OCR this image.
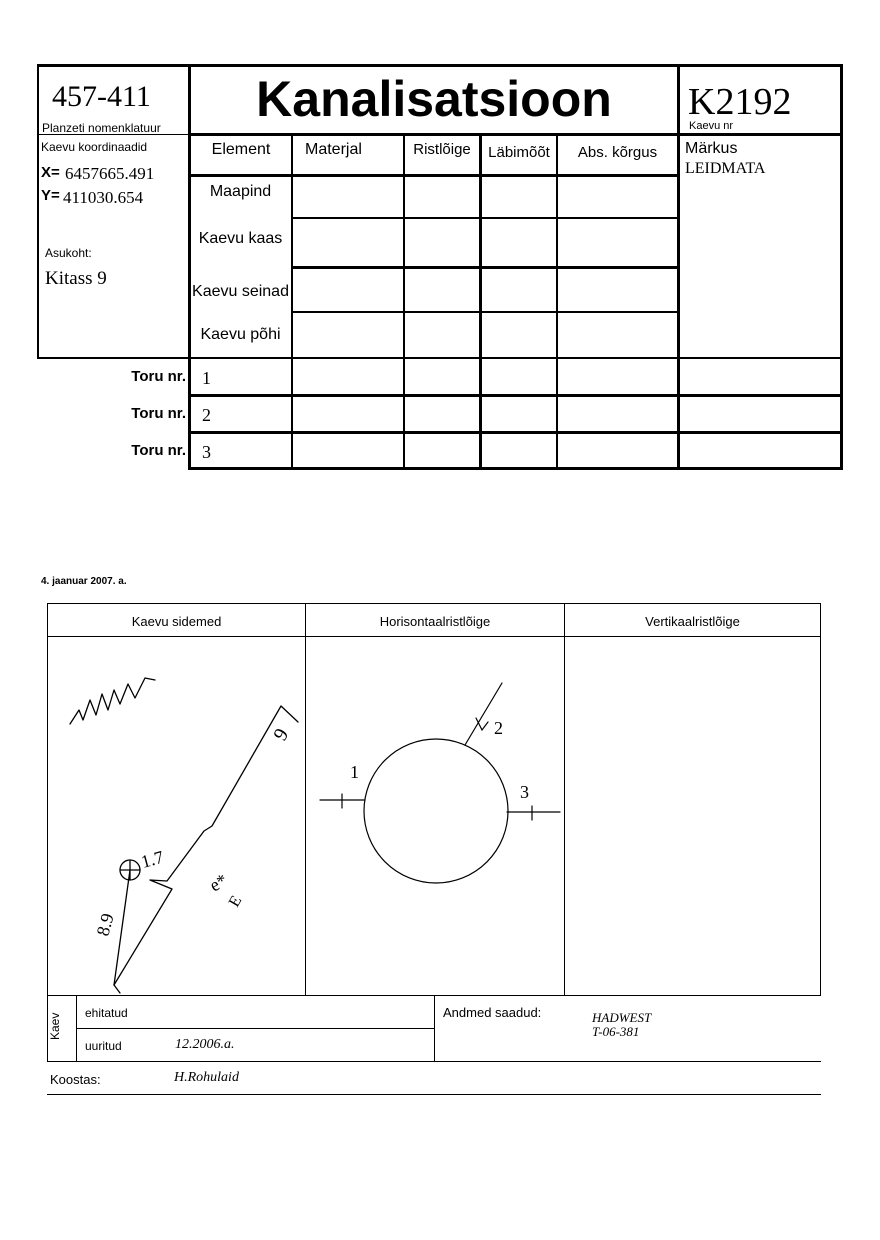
457-411
Planzeti nomenklatuur
Kanalisatsioon	K2192
Kaevu nr
Kaevu koordinaadid
X= 6457665.491
Y= 411030.654
Asukoht:
Kitass 9
Element	Materjal	Ristlõige	Läbimõõt	Abs. kõrgus	Märkus
LEIDMATA
Maapind
Kaevu kaas
Kaevu seinad
Kaevu põhi
Toru nr. 1
Toru nr. 2
Toru nr. 3
4. jaanuar 2007. a.
Kaevu sidemed	Horisontaalristlõige	Vertikaalristlõige
9
1.7
8.9
e*
E
1
2
3
Kaev ehitatud
uuritud	12.2006.a.
Andmed saadud:	HADWEST
T-06-381
Koostas:	H.Rohulaid
